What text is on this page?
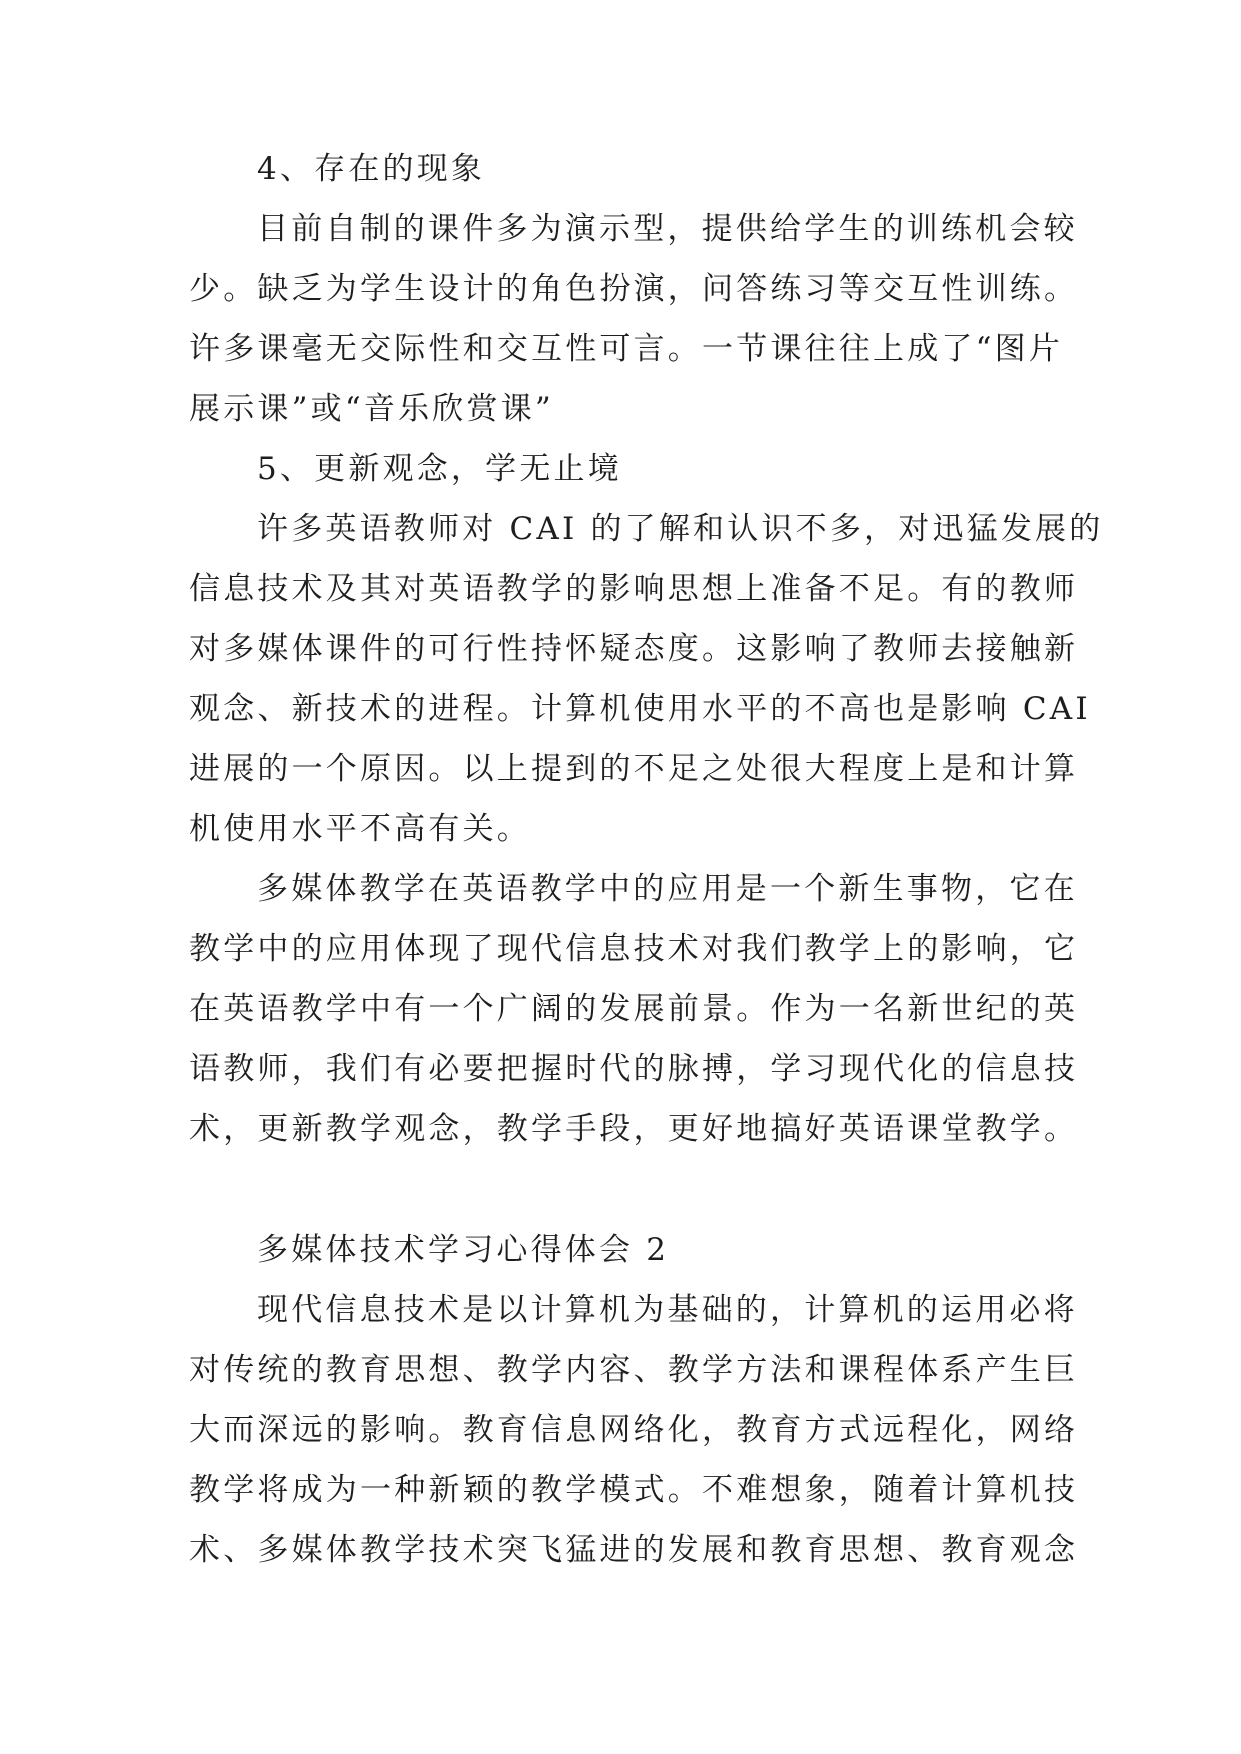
4、存在的现象
目前自制的课件多为演示型，提供给学生的训练机会较
少。缺乏为学生设计的角色扮演，问答练习等交互性训练。
许多课毫无交际性和交互性可言。一节课往往上成了“图片
展示课”或“音乐欣赏课”
5、更新观念，学无止境
许多英语教师对 CAI 的了解和认识不多，对迅猛发展的
信息技术及其对英语教学的影响思想上准备不足。有的教师
对多媒体课件的可行性持怀疑态度。这影响了教师去接触新
观念、新技术的进程。计算机使用水平的不高也是影响 CAI
进展的一个原因。以上提到的不足之处很大程度上是和计算
机使用水平不高有关。
多媒体教学在英语教学中的应用是一个新生事物，它在
教学中的应用体现了现代信息技术对我们教学上的影响，它
在英语教学中有一个广阔的发展前景。作为一名新世纪的英
语教师，我们有必要把握时代的脉搏，学习现代化的信息技
术，更新教学观念，教学手段，更好地搞好英语课堂教学。
多媒体技术学习心得体会 2
现代信息技术是以计算机为基础的，计算机的运用必将
对传统的教育思想、教学内容、教学方法和课程体系产生巨
大而深远的影响。教育信息网络化，教育方式远程化，网络
教学将成为一种新颖的教学模式。不难想象，随着计算机技
术、多媒体教学技术突飞猛进的发展和教育思想、教育观念
